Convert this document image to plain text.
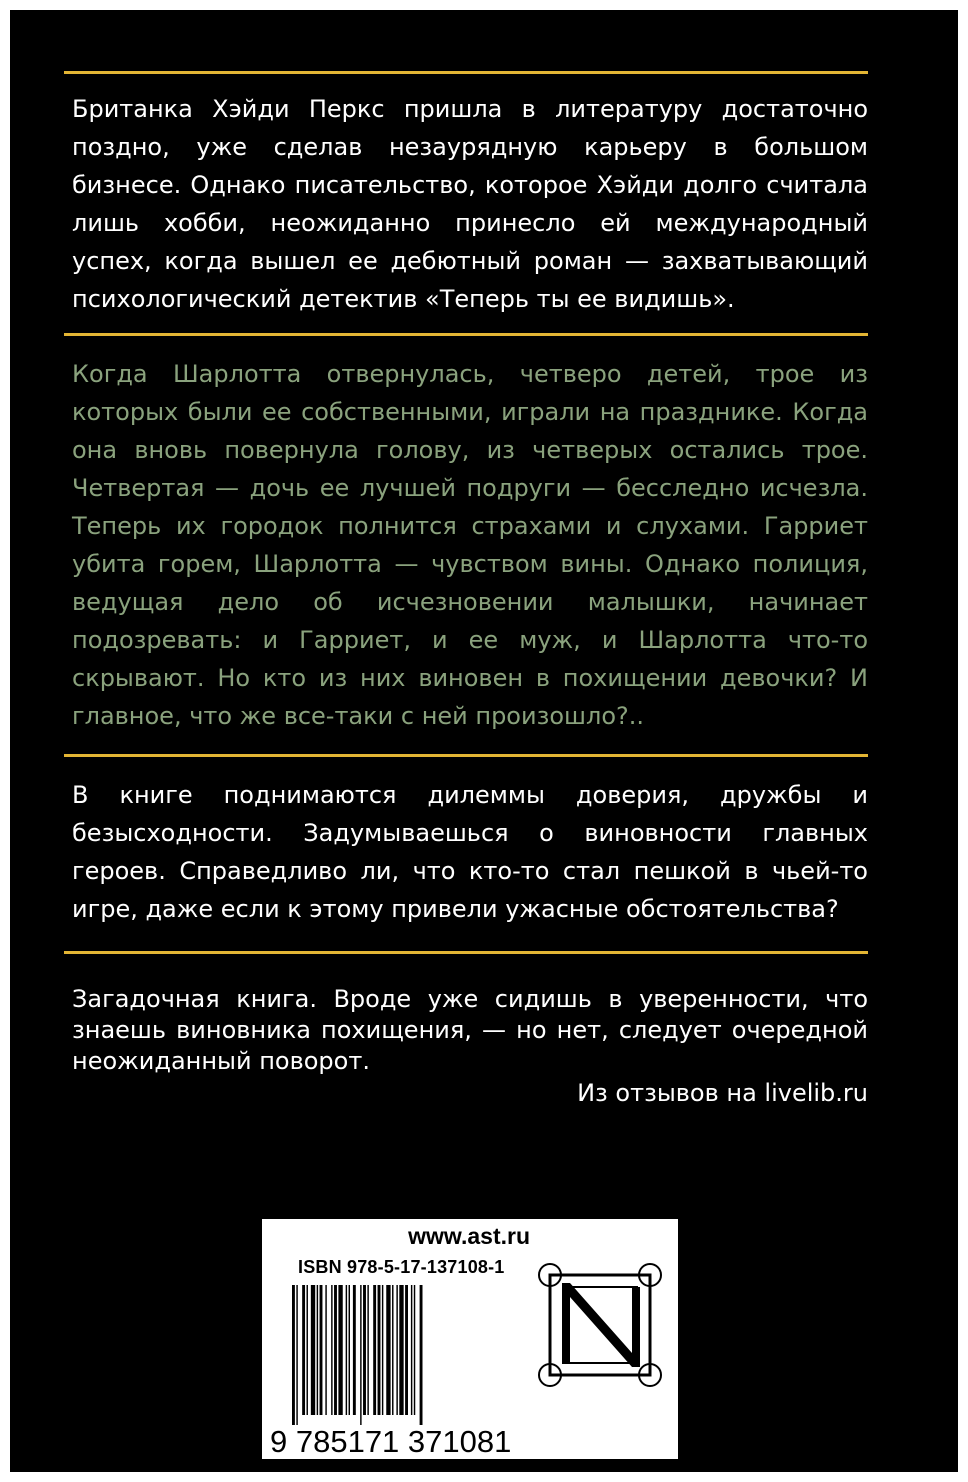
Британка Хэйди Перкс пришла в литературу достаточно поздно, уже сделав незаурядную карьеру в большом бизнесе. Однако писательство, которое Хэйди долго считала лишь хобби, неожиданно принесло ей международный успех, когда вышел ее дебютный роман — захватывающий психологический детектив «Теперь ты ее видишь».

Когда Шарлотта отвернулась, четверо детей, трое из которых были ее собственными, играли на празднике. Когда она вновь повернула голову, из четверых остались трое. Четвертая — дочь ее лучшей подруги — бесследно исчезла. Теперь их городок полнится страхами и слухами. Гарриет убита горем, Шарлотта — чувством вины. Однако полиция, ведущая дело об исчезновении малышки, начинает подозревать: и Гарриет, и ее муж, и Шарлотта что-то скрывают. Но кто из них виновен в похищении девочки? И главное, что же все-таки с ней произошло?..

В книге поднимаются дилеммы доверия, дружбы и безысходности. Задумываешься о виновности главных героев. Справедливо ли, что кто-то стал пешкой в чьей-то игре, даже если к этому привели ужасные обстоятельства?

Загадочная книга. Вроде уже сидишь в уверенности, что знаешь виновника похищения, — но нет, следует очередной неожиданный поворот.

Из отзывов на livelib.ru
www.ast.ru
ISBN 978-5-17-137108-1
9 785171 371081
